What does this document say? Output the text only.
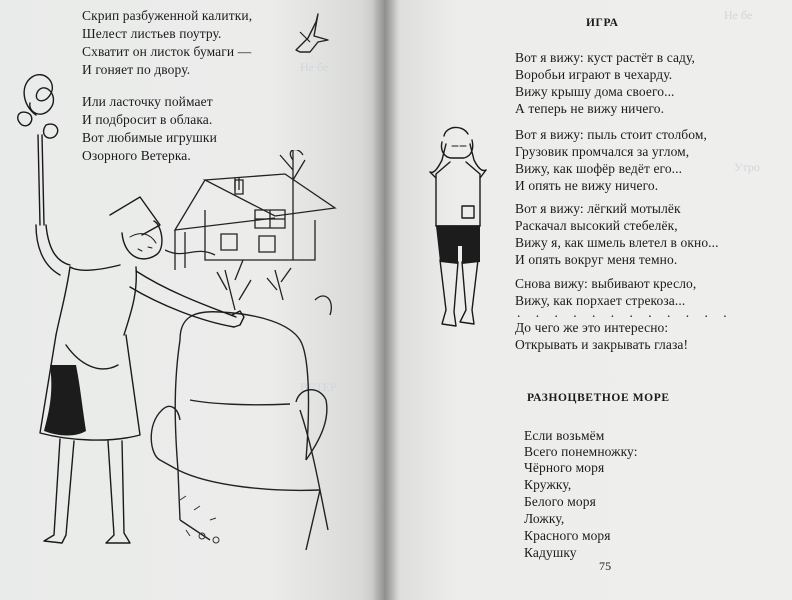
Не бе
ВЕТЕР
Скрип разбуженной калитки,
Шелест листьев поутру.
Схватит он листок бумаги —
И гоняет по двору.
Или ласточку поймает
И подбросит в облака.
Вот любимые игрушки
Озорного Ветерка.
Не бе
Утро
ИГРА
Вот я вижу: куст растёт в саду,
Воробьи играют в чехарду.
Вижу крышу дома своего...
А теперь не вижу ничего.
Вот я вижу: пыль стоит столбом,
Грузовик промчался за углом,
Вижу, как шофёр ведёт его...
И опять не вижу ничего.
Вот я вижу: лёгкий мотылёк
Раскачал высокий стебелёк,
Вижу я, как шмель влетел в окно...
И опять вокруг меня темно.
Снова вижу: выбивают кресло,
Вижу, как порхает стрекоза...
. . . . . . . . . . . .
До чего же это интересно:
Открывать и закрывать глаза!
РАЗНОЦВЕТНОЕ МОРЕ
Если возьмём
Всего понемножку:
Чёрного моря
Кружку,
Белого моря
Ложку,
Красного моря
Кадушку
75
